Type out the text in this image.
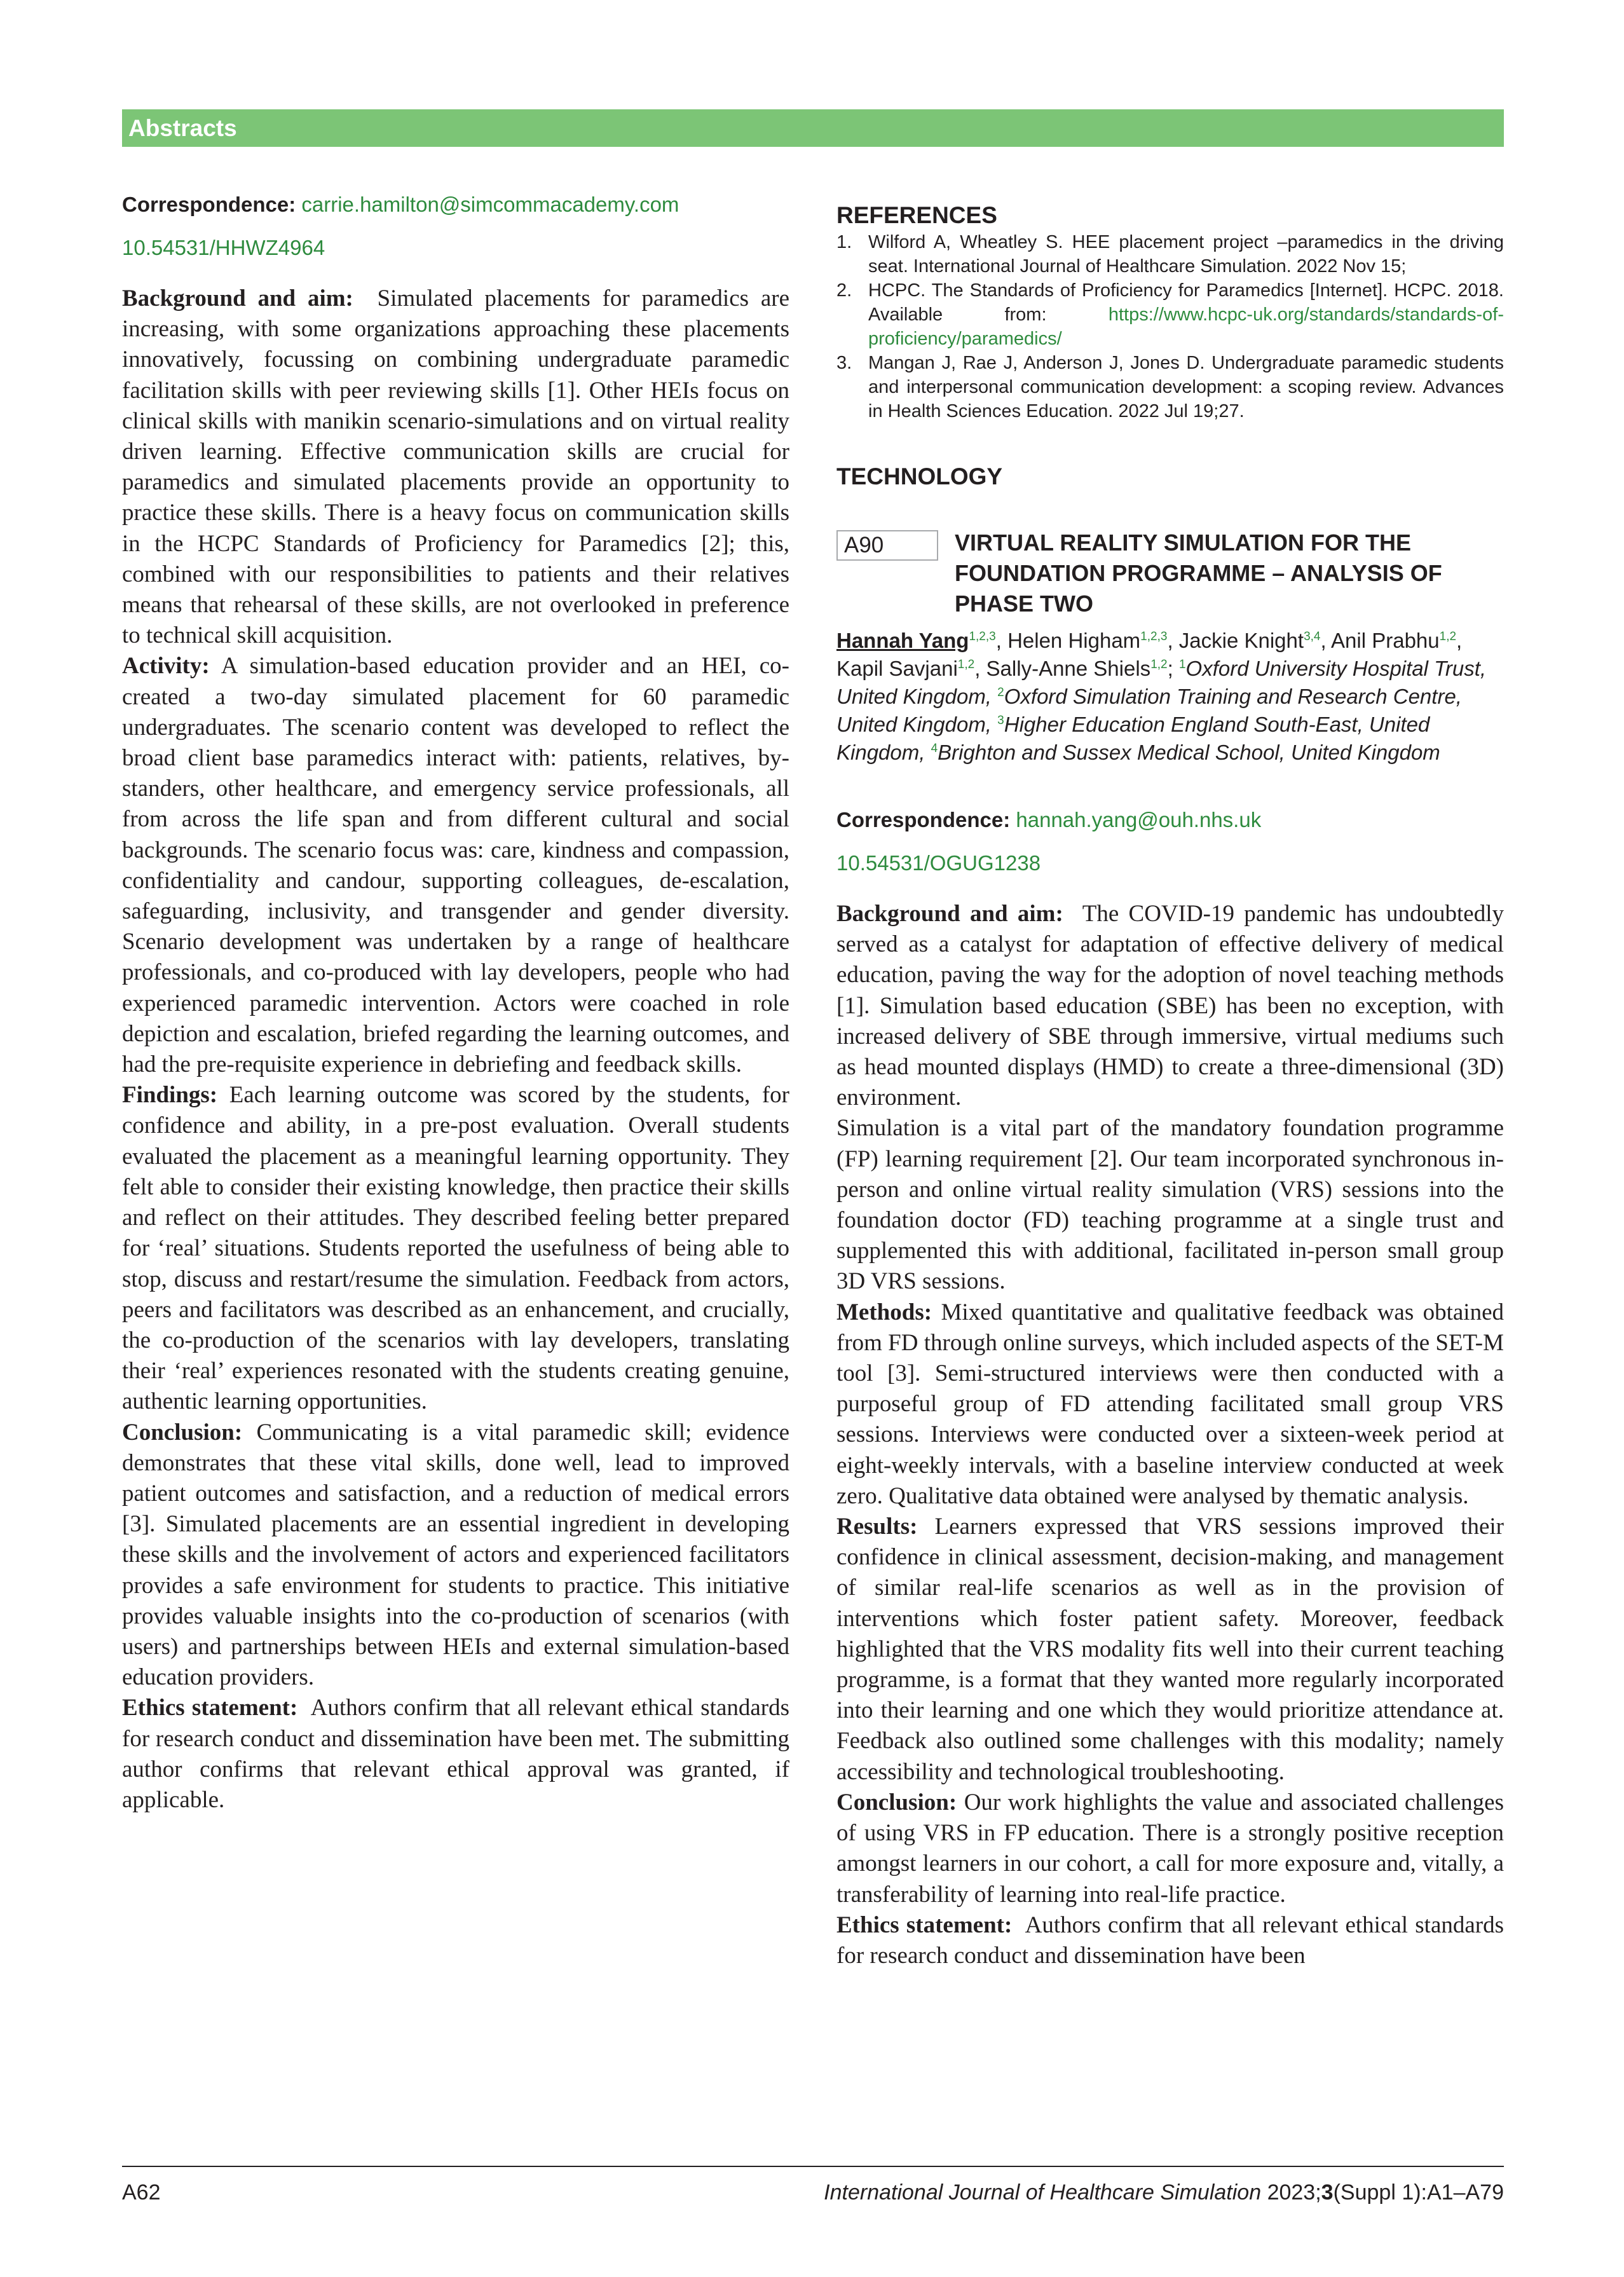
Abstracts
Correspondence: carrie.hamilton@simcommacademy.com
10.54531/HHWZ4964

Background and aim: Simulated placements for paramedics are increasing, with some organizations approaching these placements innovatively, focussing on combining undergraduate paramedic facilitation skills with peer reviewing skills [1]. Other HEIs focus on clinical skills with manikin scenario-simulations and on virtual reality driven learning. Effective communication skills are crucial for paramedics and simulated placements provide an opportunity to practice these skills. There is a heavy focus on communication skills in the HCPC Standards of Proficiency for Paramedics [2]; this, combined with our responsibilities to patients and their relatives means that rehearsal of these skills, are not overlooked in preference to technical skill acquisition.

Activity: A simulation-based education provider and an HEI, co-created a two-day simulated placement for 60 paramedic undergraduates. The scenario content was developed to reflect the broad client base paramedics interact with: patients, relatives, by-standers, other healthcare, and emergency service professionals, all from across the life span and from different cultural and social backgrounds. The scenario focus was: care, kindness and compassion, confidentiality and candour, supporting colleagues, de-escalation, safeguarding, inclusivity, and transgender and gender diversity. Scenario development was undertaken by a range of healthcare professionals, and co-produced with lay developers, people who had experienced paramedic intervention. Actors were coached in role depiction and escalation, briefed regarding the learning outcomes, and had the pre-requisite experience in debriefing and feedback skills.

Findings: Each learning outcome was scored by the students, for confidence and ability, in a pre-post evaluation. Overall students evaluated the placement as a meaningful learning opportunity. They felt able to consider their existing knowledge, then practice their skills and reflect on their attitudes. They described feeling better prepared for ‘real’ situations. Students reported the usefulness of being able to stop, discuss and restart/resume the simulation. Feedback from actors, peers and facilitators was described as an enhancement, and crucially, the co-production of the scenarios with lay developers, translating their ‘real’ experiences resonated with the students creating genuine, authentic learning opportunities.

Conclusion: Communicating is a vital paramedic skill; evidence demonstrates that these vital skills, done well, lead to improved patient outcomes and satisfaction, and a reduction of medical errors [3]. Simulated placements are an essential ingredient in developing these skills and the involvement of actors and experienced facilitators provides a safe environment for students to practice. This initiative provides valuable insights into the co-production of scenarios (with users) and partnerships between HEIs and external simulation-based education providers.

Ethics statement: Authors confirm that all relevant ethical standards for research conduct and dissemination have been met. The submitting author confirms that relevant ethical approval was granted, if applicable.

REFERENCES
1. Wilford A, Wheatley S. HEE placement project –paramedics in the driving seat. International Journal of Healthcare Simulation. 2022 Nov 15;
2. HCPC. The Standards of Proficiency for Paramedics [Internet]. HCPC. 2018. Available from:	https://www.hcpc-uk.org/standards/standards-of-proficiency/paramedics/
3. Mangan J, Rae J, Anderson J, Jones D. Undergraduate paramedic students and interpersonal communication development: a scoping review. Advances in Health Sciences Education. 2022 Jul 19;27.
TECHNOLOGY
A90	VIRTUAL REALITY SIMULATION FOR THE FOUNDATION PROGRAMME – ANALYSIS OF PHASE TWO
Hannah Yang$^{1,2,3}$, Helen Higham$^{1,2,3}$, Jackie Knight$^{3,4}$, Anil Prabhu$^{1,2}$, Kapil Savjani$^{1,2}$, Sally-Anne Shiels$^{1,2}$; $^1$Oxford University Hospital Trust, United Kingdom, $^2$Oxford Simulation Training and Research Centre, United Kingdom, $^3$Higher Education England South-East, United Kingdom, $^4$Brighton and Sussex Medical School, United Kingdom
Correspondence: hannah.yang@ouh.nhs.uk
10.54531/OGUG1238

Background and aim: The COVID-19 pandemic has undoubtedly served as a catalyst for adaptation of effective delivery of medical education, paving the way for the adoption of novel teaching methods [1]. Simulation based education (SBE) has been no exception, with increased delivery of SBE through immersive, virtual mediums such as head mounted displays (HMD) to create a three-dimensional (3D) environment.

Simulation is a vital part of the mandatory foundation programme (FP) learning requirement [2]. Our team incorporated synchronous in-person and online virtual reality simulation (VRS) sessions into the foundation doctor (FD) teaching programme at a single trust and supplemented this with additional, facilitated in-person small group 3D VRS sessions.

Methods: Mixed quantitative and qualitative feedback was obtained from FD through online surveys, which included aspects of the SET-M tool [3]. Semi-structured interviews were then conducted with a purposeful group of FD attending facilitated small group VRS sessions. Interviews were conducted over a sixteen-week period at eight-weekly intervals, with a baseline interview conducted at week zero. Qualitative data obtained were analysed by thematic analysis.

Results: Learners expressed that VRS sessions improved their confidence in clinical assessment, decision-making, and management of similar real-life scenarios as well as in the provision of interventions which foster patient safety. Moreover, feedback highlighted that the VRS modality fits well into their current teaching programme, is a format that they wanted more regularly incorporated into their learning and one which they would prioritize attendance at. Feedback also outlined some challenges with this modality; namely accessibility and technological troubleshooting.

Conclusion: Our work highlights the value and associated challenges of using VRS in FP education. There is a strongly positive reception amongst learners in our cohort, a call for more exposure and, vitally, a transferability of learning into real-life practice.

Ethics statement: Authors confirm that all relevant ethical standards for research conduct and dissemination have been

A62	International Journal of Healthcare Simulation 2023;3(Suppl 1):A1–A79
